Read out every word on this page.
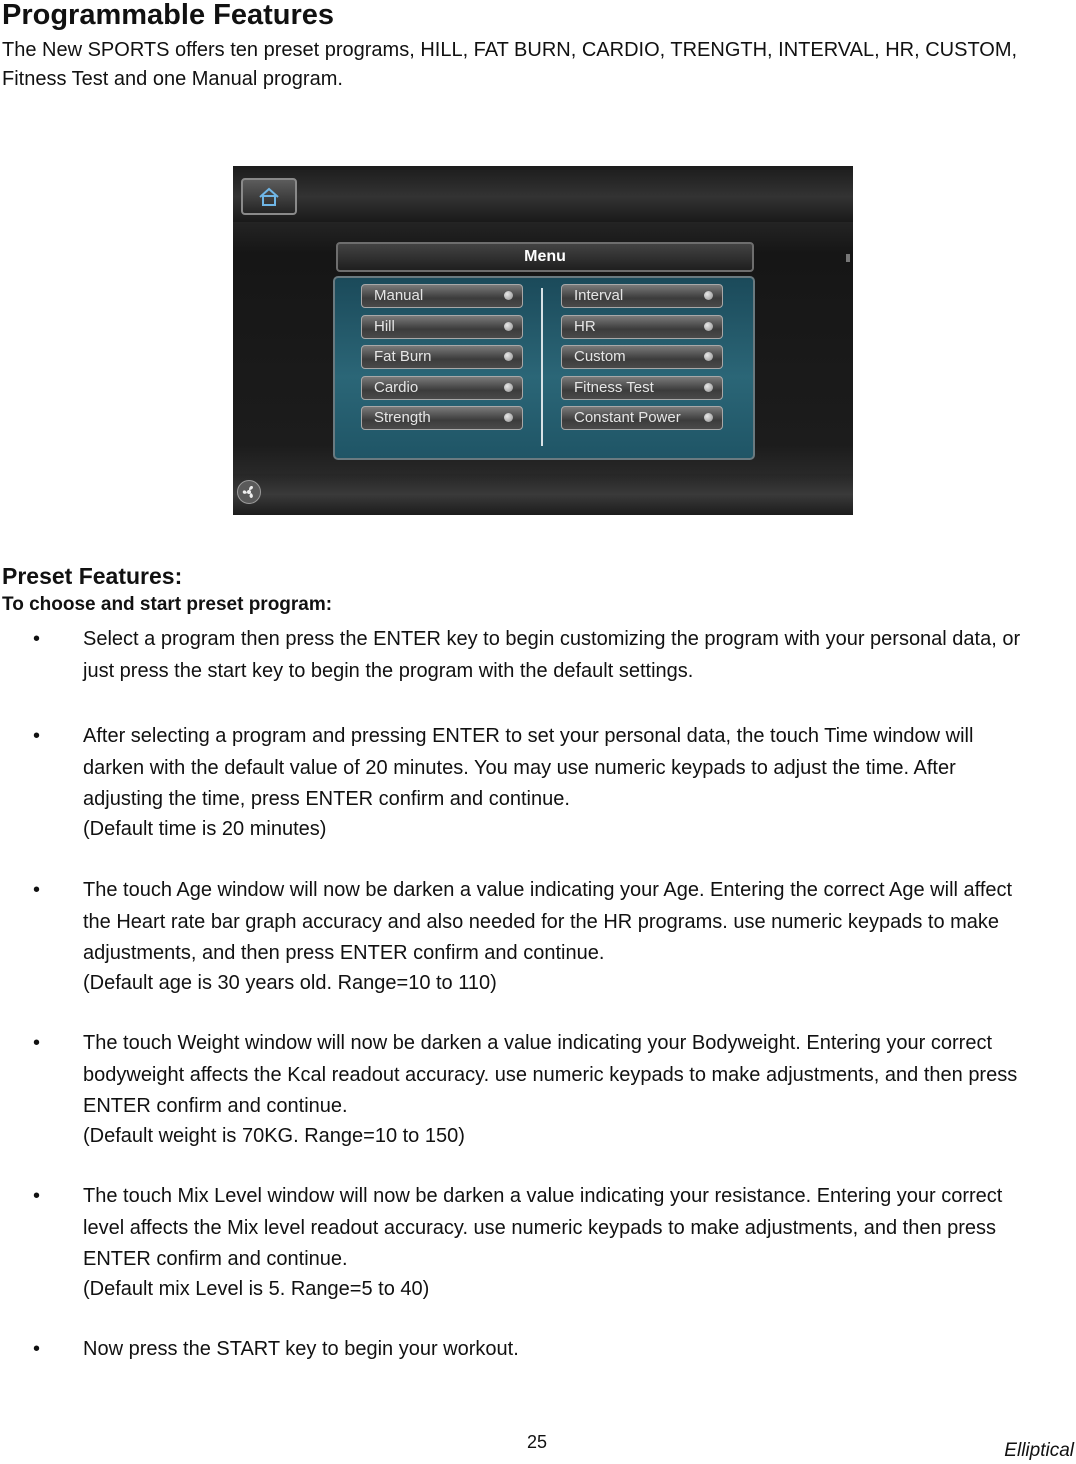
Programmable Features

The New SPORTS offers ten preset programs, HILL, FAT BURN, CARDIO, TRENGTH, INTERVAL, HR, CUSTOM, Fitness Test and one Manual program.

Menu
Manual
Hill
Fat Burn
Cardio
Strength
Interval
HR
Custom
Fitness Test
Constant Power
Preset Features:
To choose and start preset program:
• Select a program then press the ENTER key to begin customizing the program with your personal data, or just press the start key to begin the program with the default settings.
• After selecting a program and pressing ENTER to set your personal data, the touch Time window will darken with the default value of 20 minutes. You may use numeric keypads to adjust the time. After adjusting the time, press ENTER confirm and continue.
(Default time is 20 minutes)
• The touch Age window will now be darken a value indicating your Age. Entering the correct Age will affect the Heart rate bar graph accuracy and also needed for the HR programs. use numeric keypads to make adjustments, and then press ENTER confirm and continue.
(Default age is 30 years old. Range=10 to 110)
• The touch Weight window will now be darken a value indicating your Bodyweight. Entering your correct bodyweight affects the Kcal readout accuracy. use numeric keypads to make adjustments, and then press ENTER confirm and continue.
(Default weight is 70KG. Range=10 to 150)
• The touch Mix Level window will now be darken a value indicating your resistance. Entering your correct level affects the Mix level readout accuracy. use numeric keypads to make adjustments, and then press ENTER confirm and continue.
(Default mix Level is 5. Range=5 to 40)
• Now press the START key to begin your workout.
25	Elliptical
